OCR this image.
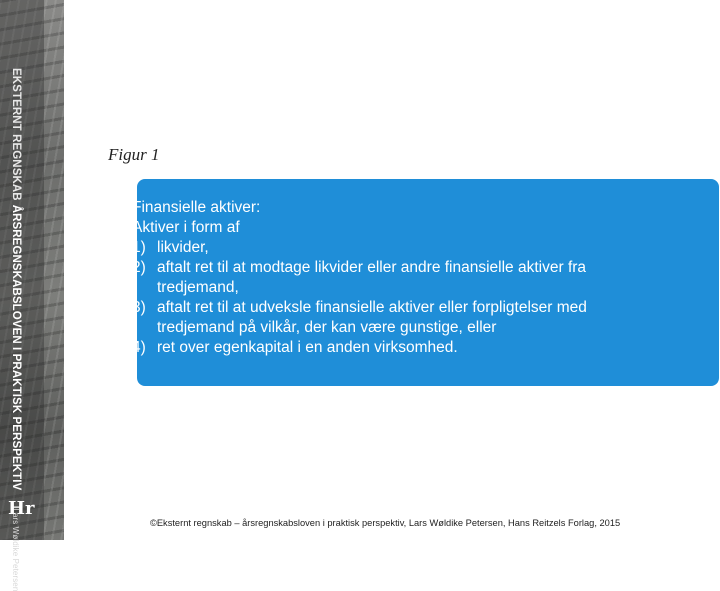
EKSTERNT REGNSKAB
ÅRSREGNSKABSLOVEN I PRAKTISK PERSPEKTIV
Lars Wøldike Petersen
Hr
Figur 1
Finansielle aktiver:
Aktiver i form af
1) likvider,
2) aftalt ret til at modtage likvider eller andre finansielle aktiver fra
tredjemand,
3) aftalt ret til at udveksle finansielle aktiver eller forpligtelser med
tredjemand på vilkår, der kan være gunstige, eller
4) ret over egenkapital i en anden virksomhed.
©Eksternt regnskab – årsregnskabsloven i praktisk perspektiv, Lars Wøldike Petersen, Hans Reitzels Forlag, 2015
